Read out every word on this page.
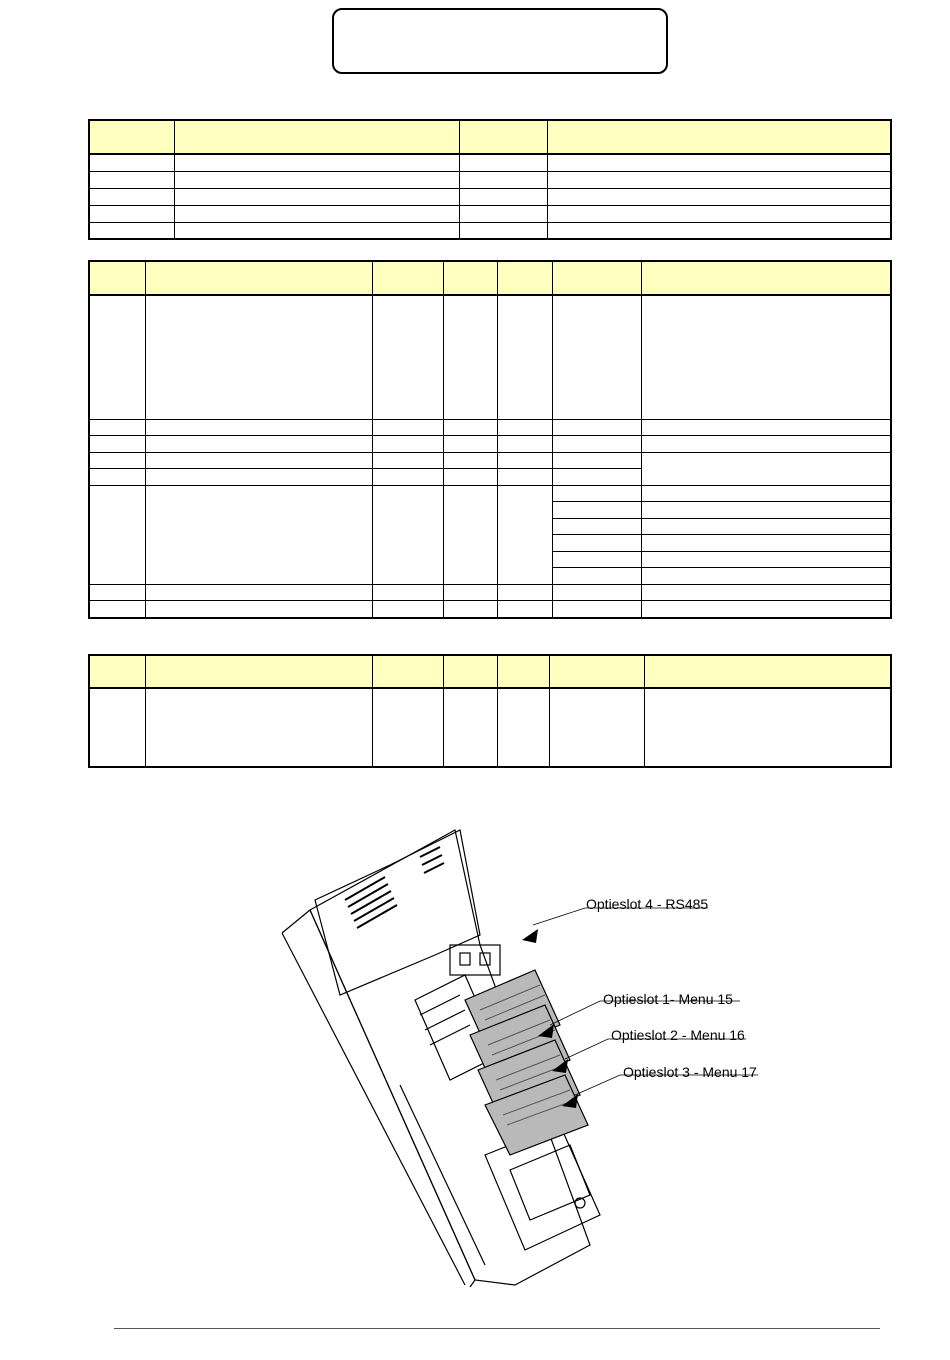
Optieslot 4 - RS485
Optieslot 1- Menu 15
Optieslot 2 - Menu 16
Optieslot 3 - Menu 17
